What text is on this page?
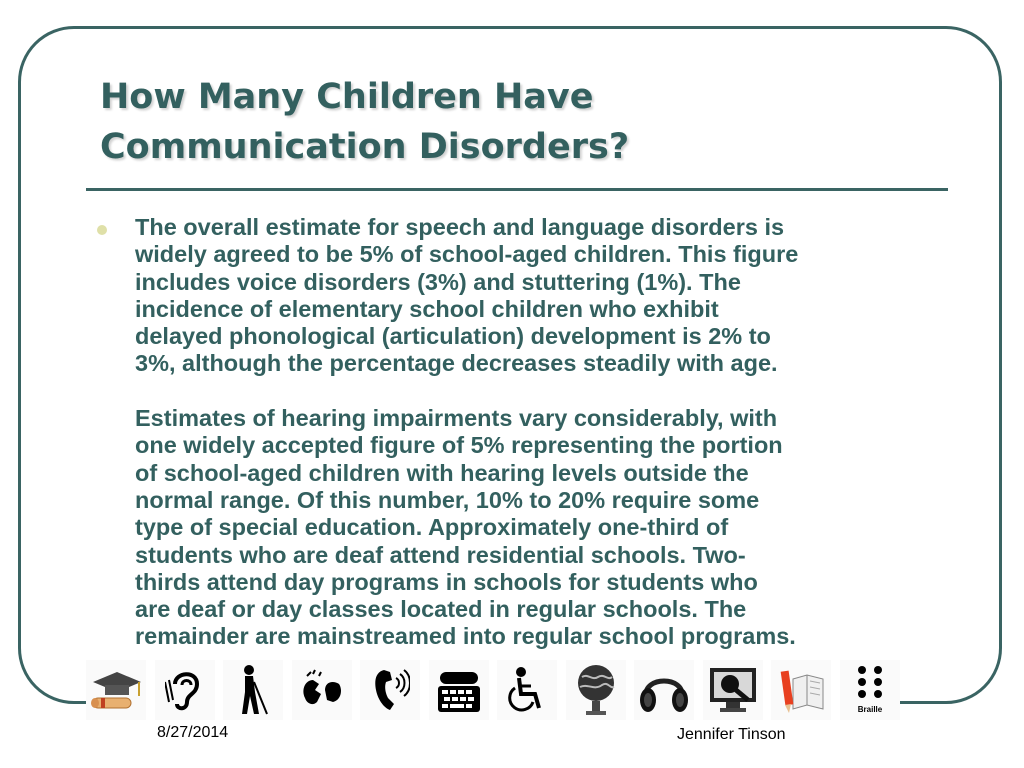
How Many Children Have
Communication Disorders?
The overall estimate for speech and language disorders is
widely agreed to be 5% of school-aged children. This figure
includes voice disorders (3%) and stuttering (1%). The
incidence of elementary school children who exhibit
delayed phonological (articulation) development is 2% to
3%, although the percentage decreases steadily with age.
Estimates of hearing impairments vary considerably, with
one widely accepted figure of 5% representing the portion
of school-aged children with hearing levels outside the
normal range. Of this number, 10% to 20% require some
type of special education. Approximately one-third of
students who are deaf attend residential schools. Two-
thirds attend day programs in schools for students who
are deaf or day classes located in regular schools. The
remainder are mainstreamed into regular school programs.
Braille
8/27/2014	Jennifer Tinson
